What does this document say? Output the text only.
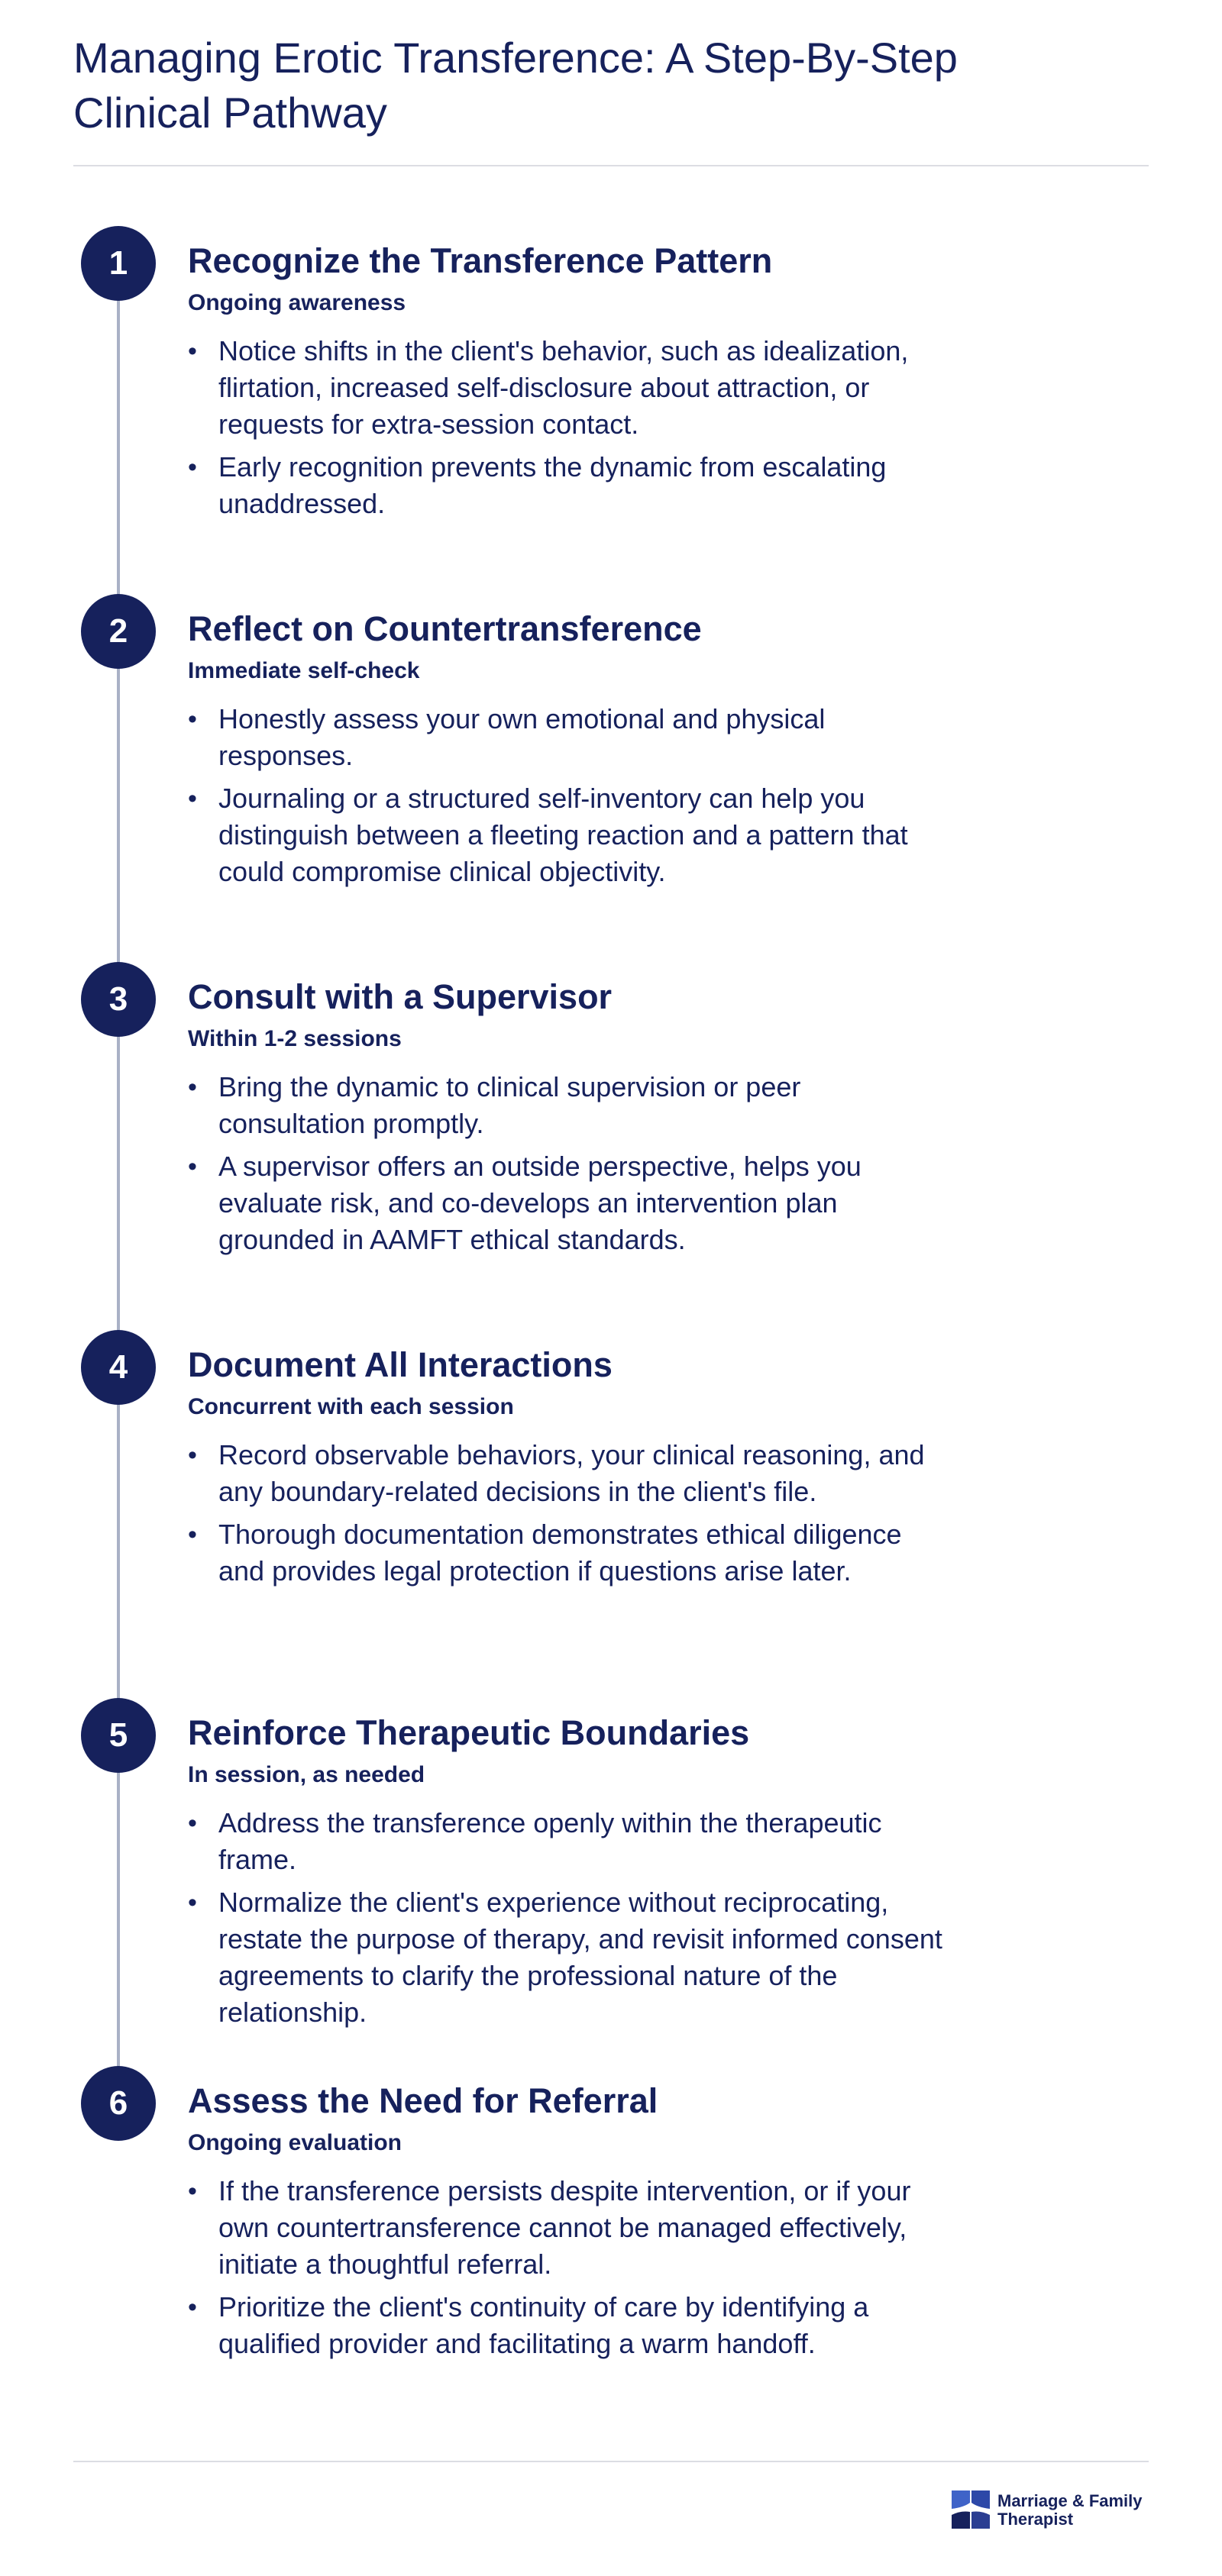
Managing Erotic Transference: A Step-By-Step
Clinical Pathway
1	Recognize the Transference Pattern
Ongoing awareness
• Notice shifts in the client's behavior, such as idealization, flirtation, increased self-disclosure about attraction, or requests for extra-session contact.
• Early recognition prevents the dynamic from escalating unaddressed.
2	Reflect on Countertransference
Immediate self-check
• Honestly assess your own emotional and physical responses.
• Journaling or a structured self-inventory can help you distinguish between a fleeting reaction and a pattern that could compromise clinical objectivity.
3	Consult with a Supervisor
Within 1-2 sessions
• Bring the dynamic to clinical supervision or peer consultation promptly.
• A supervisor offers an outside perspective, helps you evaluate risk, and co-develops an intervention plan grounded in AAMFT ethical standards.
4	Document All Interactions
Concurrent with each session
• Record observable behaviors, your clinical reasoning, and any boundary-related decisions in the client's file.
• Thorough documentation demonstrates ethical diligence and provides legal protection if questions arise later.
5	Reinforce Therapeutic Boundaries
In session, as needed
• Address the transference openly within the therapeutic frame.
• Normalize the client's experience without reciprocating, restate the purpose of therapy, and revisit informed consent agreements to clarify the professional nature of the relationship.
6	Assess the Need for Referral
Ongoing evaluation
• If the transference persists despite intervention, or if your own countertransference cannot be managed effectively, initiate a thoughtful referral.
• Prioritize the client's continuity of care by identifying a qualified provider and facilitating a warm handoff.
Marriage & Family
Therapist
